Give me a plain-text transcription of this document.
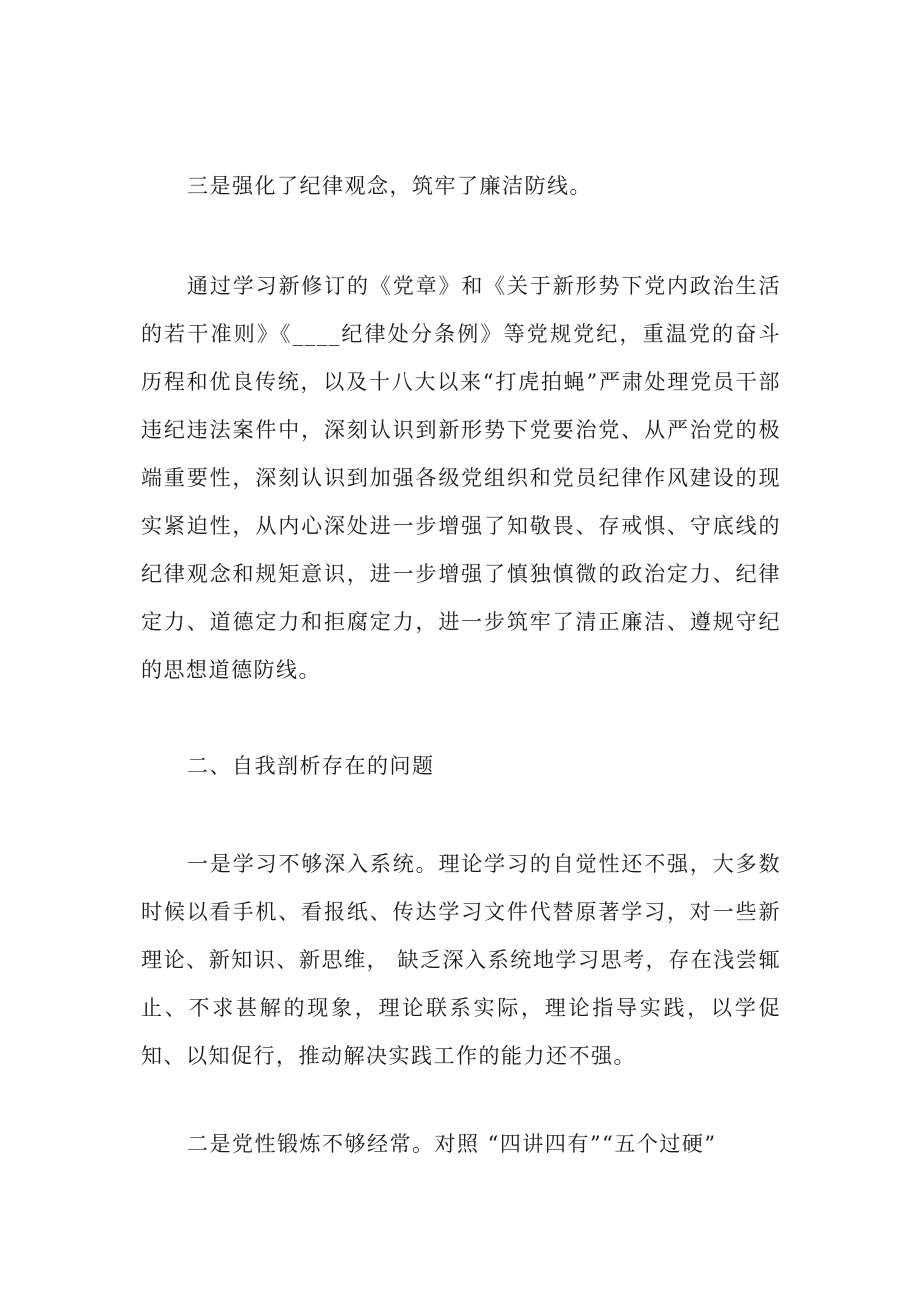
三是强化了纪律观念，筑牢了廉洁防线。

通过学习新修订的《党章》和《关于新形势下党内政治生活的若干准则》《____纪律处分条例》等党规党纪，重温党的奋斗历程和优良传统，以及十八大以来“打虎拍蝇”严肃处理党员干部违纪违法案件中，深刻认识到新形势下党要治党、从严治党的极端重要性，深刻认识到加强各级党组织和党员纪律作风建设的现实紧迫性，从内心深处进一步增强了知敬畏、存戒惧、守底线的纪律观念和规矩意识，进一步增强了慎独慎微的政治定力、纪律定力、道德定力和拒腐定力，进一步筑牢了清正廉洁、遵规守纪的思想道德防线。

二、自我剖析存在的问题

一是学习不够深入系统。理论学习的自觉性还不强，大多数时候以看手机、看报纸、传达学习文件代替原著学习，对一些新理论、新知识、新思维， 缺乏深入系统地学习思考，存在浅尝辄止、不求甚解的现象，理论联系实际，理论指导实践，以学促知、以知促行，推动解决实践工作的能力还不强。

二是党性锻炼不够经常。对照 “四讲四有”“五个过硬”
